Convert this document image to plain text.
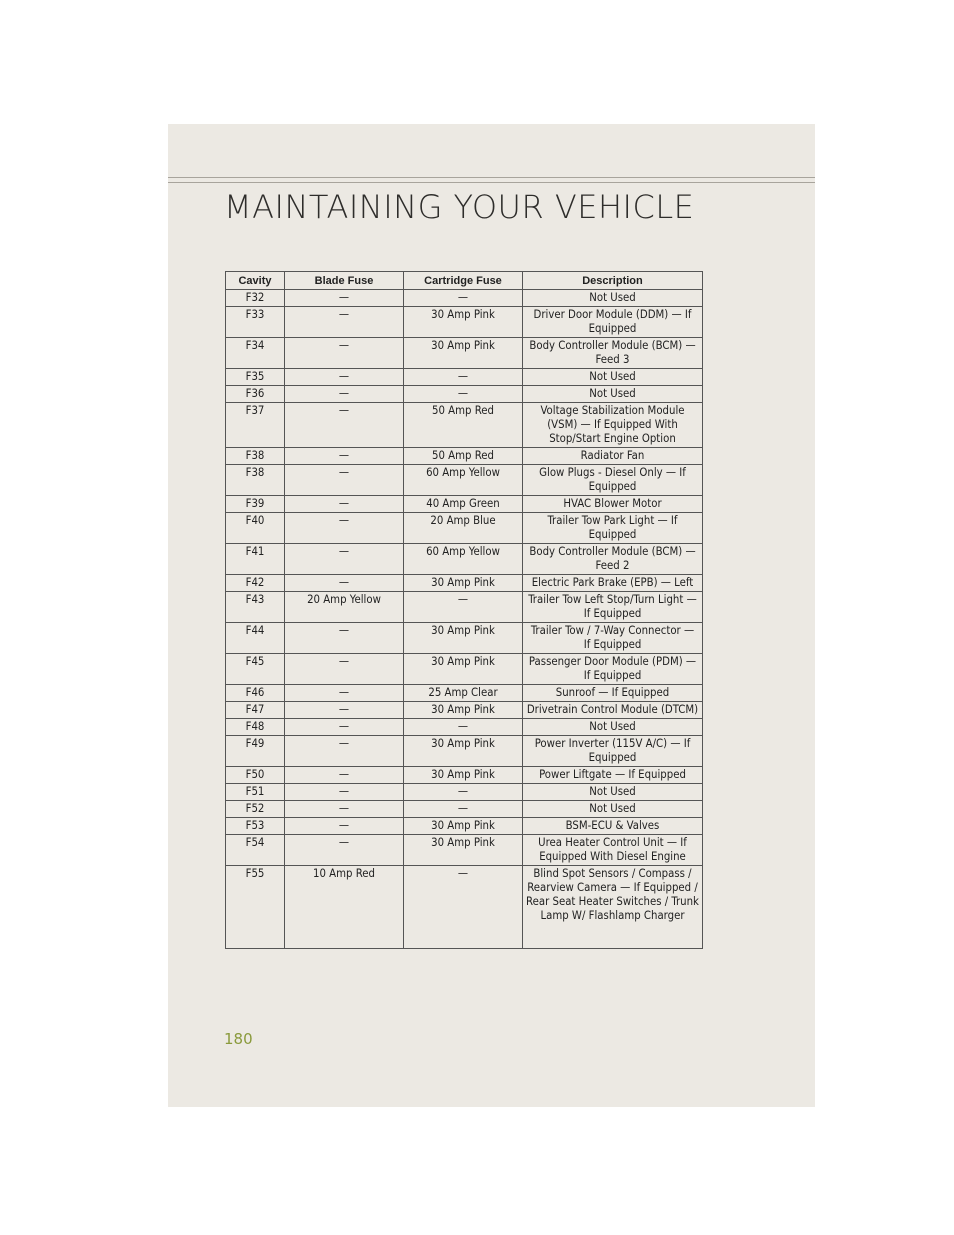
MAINTAINING YOUR VEHICLE
Cavity	Blade Fuse	Cartridge Fuse	Description
F32	—	—	Not Used
F33	—	30 Amp Pink	Driver Door Module (DDM) — If Equipped
F34	—	30 Amp Pink	Body Controller Module (BCM) — Feed 3
F35	—	—	Not Used
F36	—	—	Not Used
F37	—	50 Amp Red	Voltage Stabilization Module (VSM) — If Equipped With Stop/Start Engine Option
F38	—	50 Amp Red	Radiator Fan
F38	—	60 Amp Yellow	Glow Plugs - Diesel Only — If Equipped
F39	—	40 Amp Green	HVAC Blower Motor
F40	—	20 Amp Blue	Trailer Tow Park Light — If Equipped
F41	—	60 Amp Yellow	Body Controller Module (BCM) — Feed 2
F42	—	30 Amp Pink	Electric Park Brake (EPB) — Left
F43	20 Amp Yellow	—	Trailer Tow Left Stop/Turn Light — If Equipped
F44	—	30 Amp Pink	Trailer Tow / 7-Way Connector — If Equipped
F45	—	30 Amp Pink	Passenger Door Module (PDM) — If Equipped
F46	—	25 Amp Clear	Sunroof — If Equipped
F47	—	30 Amp Pink	Drivetrain Control Module (DTCM)
F48	—	—	Not Used
F49	—	30 Amp Pink	Power Inverter (115V A/C) — If Equipped
F50	—	30 Amp Pink	Power Liftgate — If Equipped
F51	—	—	Not Used
F52	—	—	Not Used
F53	—	30 Amp Pink	BSM-ECU & Valves
F54	—	30 Amp Pink	Urea Heater Control Unit — If Equipped With Diesel Engine
F55	10 Amp Red	—	Blind Spot Sensors / Compass / Rearview Camera — If Equipped / Rear Seat Heater Switches / Trunk Lamp W/ Flashlamp Charger
180
